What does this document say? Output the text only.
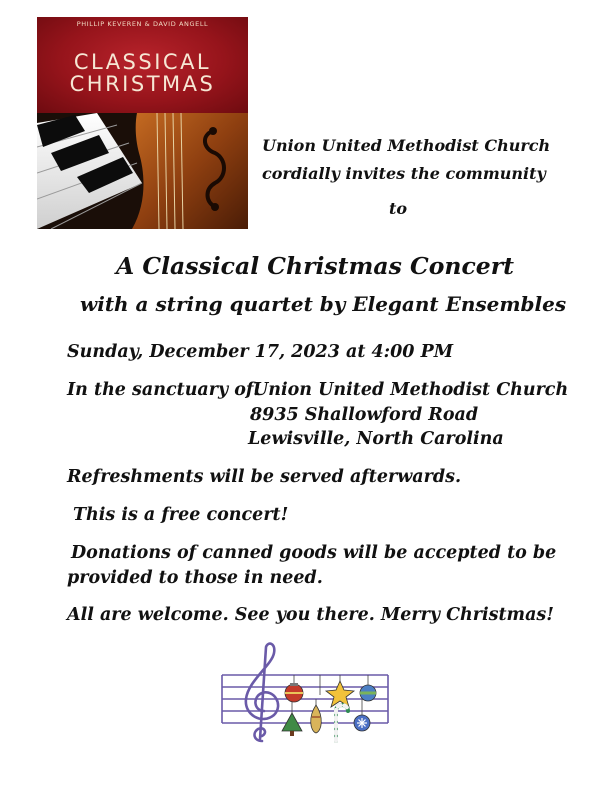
PHILLIP KEVEREN & DAVID ANGELL
CLASSICAL
CHRISTMAS
Union United Methodist Church
cordially invites the community
to
A Classical Christmas Concert
with a string quartet by Elegant Ensembles
Sunday, December 17, 2023 at 4:00 PM
In the sanctuary of:
Union United Methodist Church
8935 Shallowford Road
Lewisville, North Carolina
Refreshments will be served afterwards.
This is a free concert!
Donations of canned goods will be accepted to be
provided to those in need.
All are welcome. See you there. Merry Christmas!
